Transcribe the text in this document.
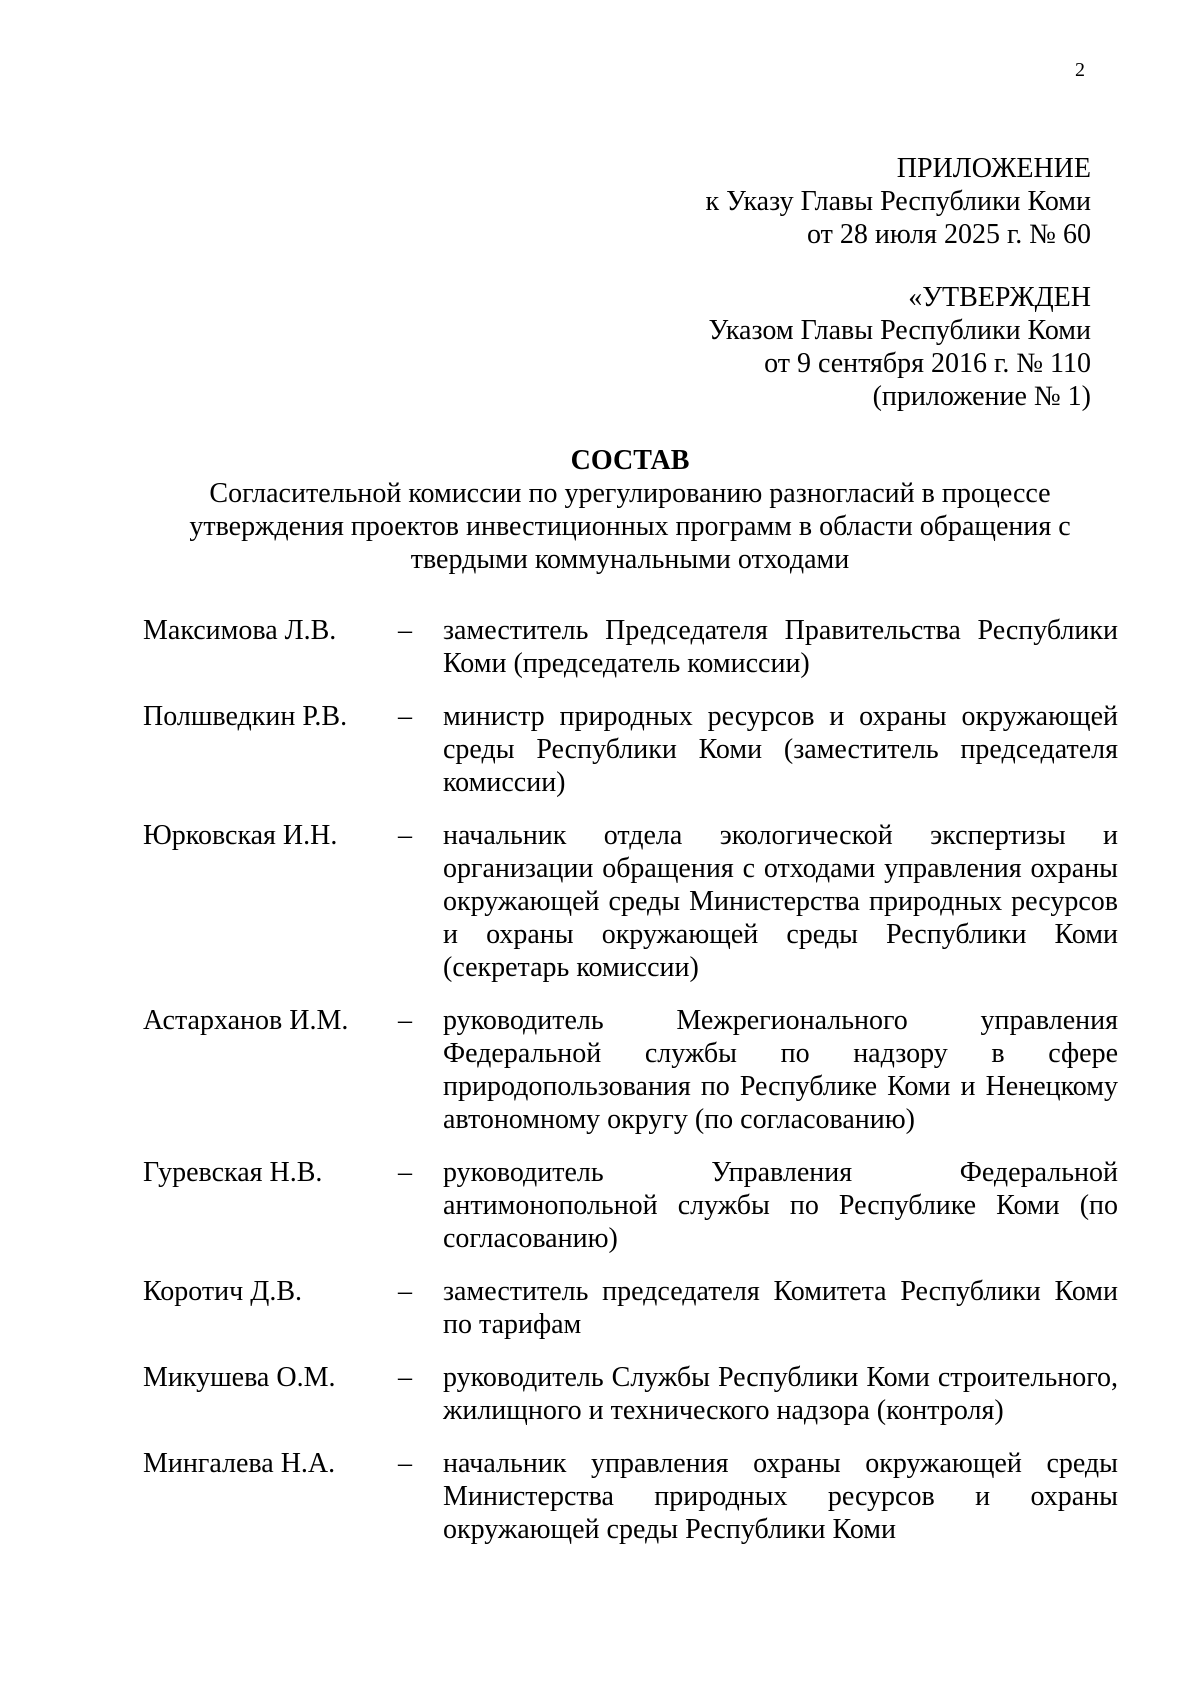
2
ПРИЛОЖЕНИЕ
к Указу Главы Республики Коми
от 28 июля 2025 г. № 60
«УТВЕРЖДЕН
Указом Главы Республики Коми
от 9 сентября 2016 г. № 110
(приложение № 1)
СОСТАВ
Согласительной комиссии по урегулированию разногласий в процессе утверждения проектов инвестиционных программ в области обращения с твердыми коммунальными отходами
Максимова Л.В.	–	заместитель Председателя Правительства Республики Коми (председатель комиссии)
Полшведкин Р.В.	–	министр природных ресурсов и охраны окружающей среды Республики Коми (заместитель председателя комиссии)
Юрковская И.Н.	–	начальник отдела экологической экспертизы и организации обращения с отходами управления охраны окружающей среды Министерства природных ресурсов и охраны окружающей среды Республики Коми (секретарь комиссии)
Астарханов И.М.	–	руководитель Межрегионального управления Федеральной службы по надзору в сфере природопользования по Республике Коми и Ненецкому автономному округу (по согласованию)
Гуревская Н.В.	–	руководитель Управления Федеральной антимонопольной службы по Республике Коми (по согласованию)
Коротич Д.В.	–	заместитель председателя Комитета Республики Коми по тарифам
Микушева О.М.	–	руководитель Службы Республики Коми строительного, жилищного и технического надзора (контроля)
Мингалева Н.А.	–	начальник управления охраны окружающей среды Министерства природных ресурсов и охраны окружающей среды Республики Коми
